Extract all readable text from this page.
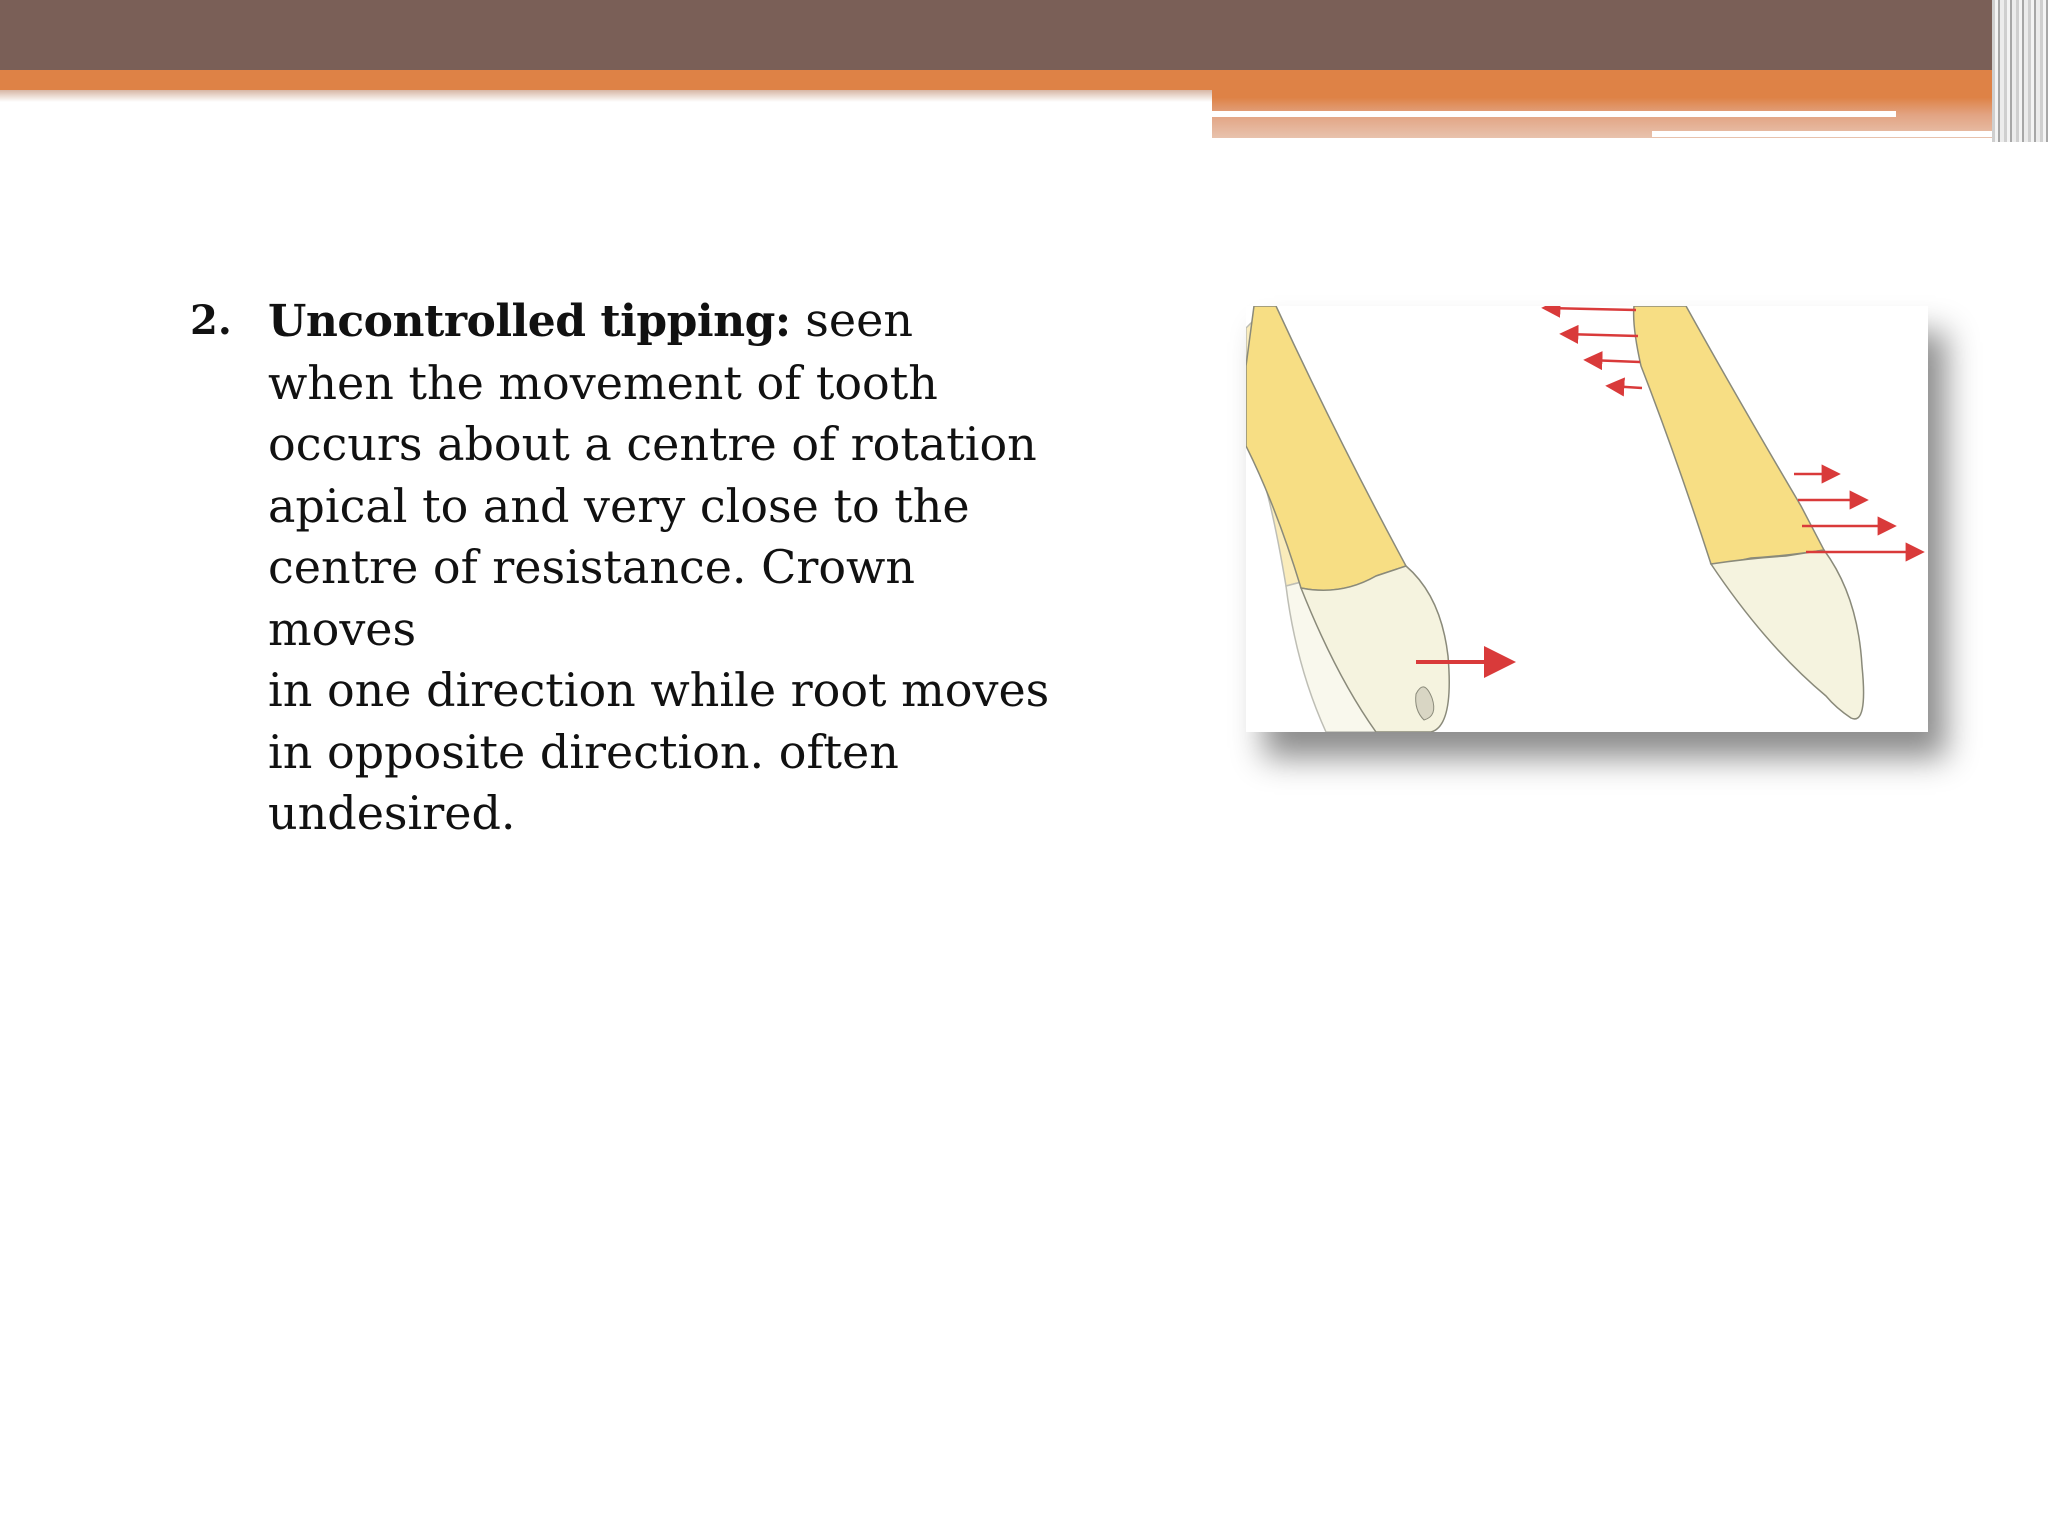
2. Uncontrolled tipping: seen
when the movement of tooth
occurs about a centre of rotation
apical to and very close to the
centre of resistance. Crown moves
in one direction while root moves
in opposite direction. often
undesired.
